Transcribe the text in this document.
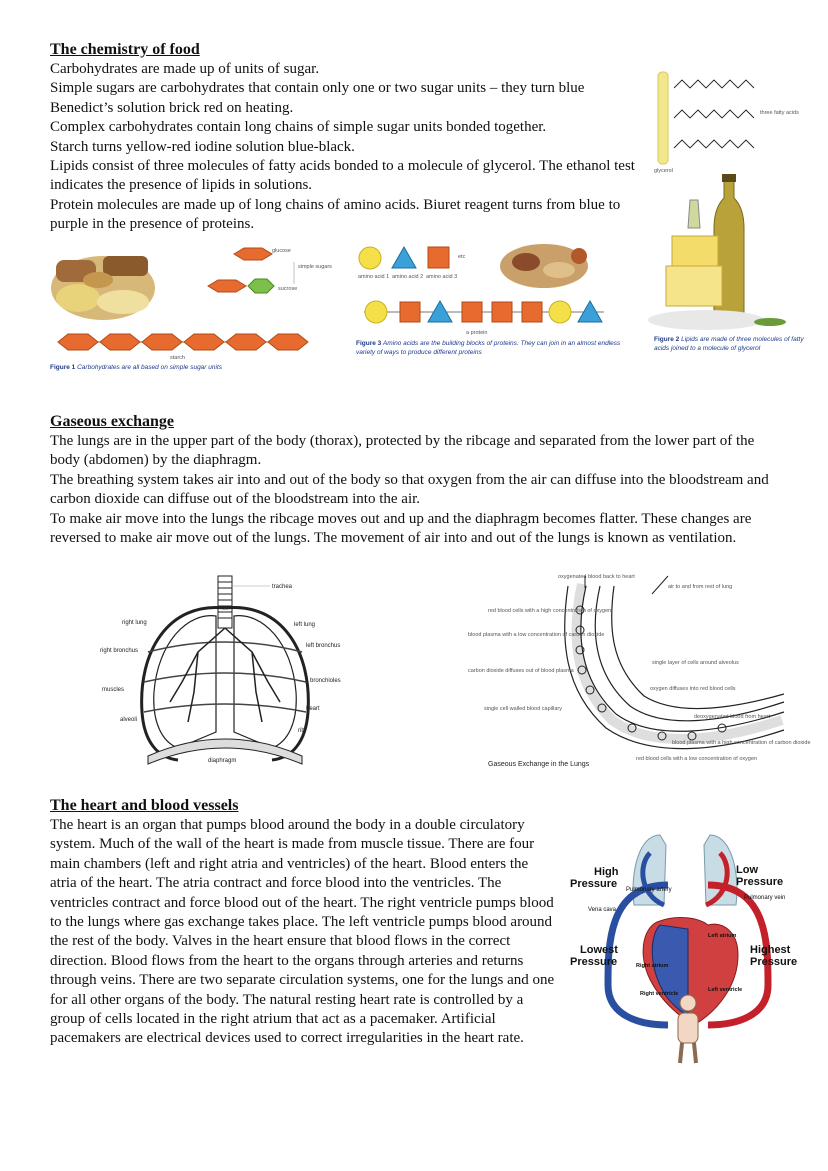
The chemistry of food

Carbohydrates are made up of units of sugar.

Simple sugars are carbohydrates that contain only one or two sugar units – they turn blue Benedict’s solution brick red on heating.

Complex carbohydrates contain long chains of simple sugar units bonded together.

Starch turns yellow-red iodine solution blue-black.

Lipids consist of three molecules of fatty acids bonded to a molecule of glycerol. The ethanol test indicates the presence of lipids in solutions.

Protein molecules are made up of long chains of amino acids. Biuret reagent turns from blue to purple in the presence of proteins.

glucose
sucrose
simple sugars
starch
Figure 1 Carbohydrates are all based on simple sugar units
etc
amino acid 1 amino acid 2 amino acid 3
a protein
Figure 3 Amino acids are the building blocks of proteins. They can join in an almost endless variety of ways to produce different proteins
three fatty acids
glycerol
Figure 2 Lipids are made of three molecules of fatty acids joined to a molecule of glycerol
Gaseous exchange

The lungs are in the upper part of the body (thorax), protected by the ribcage and separated from the lower part of the body (abdomen) by the diaphragm.

The breathing system takes air into and out of the body so that oxygen from the air can diffuse into the bloodstream and carbon dioxide can diffuse out of the bloodstream into the air.

To make air move into the lungs the ribcage moves out and up and the diaphragm becomes flatter. These changes are reversed to make air move out of the lungs. The movement of air into and out of the lungs is known as ventilation.

trachea
right lung	left lung
right bronchus
left bronchus
bronchioles
muscles
heart
alveoli
rib
diaphragm
oxygenated blood back to heart
air to and from rest of lung
red blood cells with a high concentration of oxygen
blood plasma with a low concentration of carbon dioxide
carbon dioxide diffuses out of blood plasma
single layer of cells around alveolus
oxygen diffuses into red blood cells
single cell walled blood capillary
deoxygenated blood from heart
blood plasma with a high concentration of carbon dioxide
red blood cells with a low concentration of oxygen
Gaseous Exchange in the Lungs
The heart and blood vessels

The heart is an organ that pumps blood around the body in a double circulatory system. Much of the wall of the heart is made from muscle tissue. There are four main chambers (left and right atria and ventricles) of the heart. Blood enters the atria of the heart. The atria contract and force blood into the ventricles. The ventricles contract and force blood out of the heart. The right ventricle pumps blood to the lungs where gas exchange takes place. The left ventricle pumps blood around the rest of the body. Valves in the heart ensure that blood flows in the correct direction. Blood flows from the heart to the organs through arteries and returns through veins. There are two separate circulation systems, one for the lungs and one for all other organs of the body. The natural resting heart rate is controlled by a group of cells located in the right atrium that act as a pacemaker. Artificial pacemakers are electrical devices used to correct irregularities in the heart rate.

High
Pressure Pulmonary artery
Low
Pressure
Pulmonary vein
Vena cava
Lowest
Pressure
Highest
Pressure
Left atrium
Right atrium
Right ventricle
Left ventricle
